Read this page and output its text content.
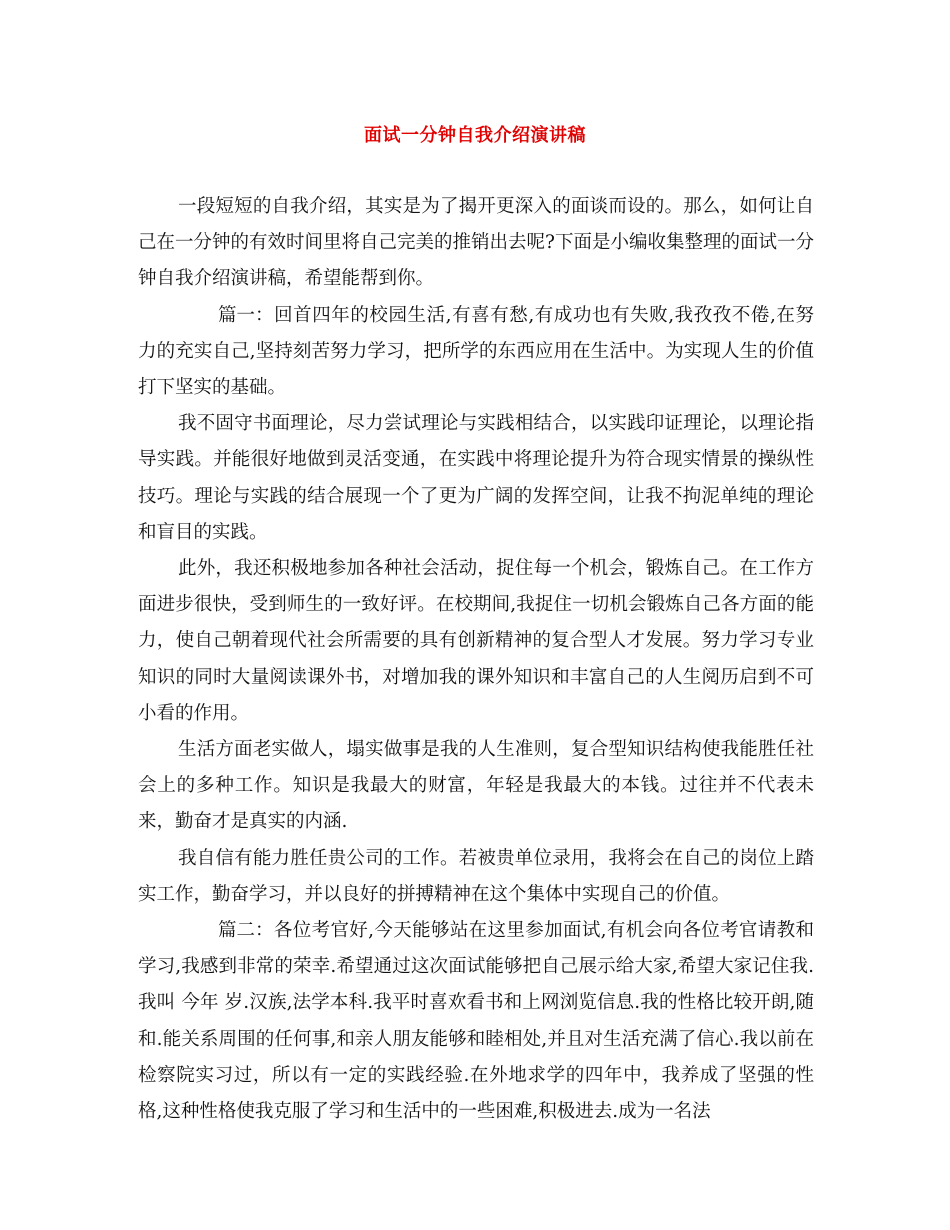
面试一分钟自我介绍演讲稿

一段短短的自我介绍，其实是为了揭开更深入的面谈而设的。那么，如何让自己在一分钟的有效时间里将自己完美的推销出去呢?下面是小编收集整理的面试一分钟自我介绍演讲稿，希望能帮到你。

篇一：回首四年的校园生活,有喜有愁,有成功也有失败,我孜孜不倦,在努力的充实自己,坚持刻苦努力学习，把所学的东西应用在生活中。为实现人生的价值打下坚实的基础。

我不固守书面理论，尽力尝试理论与实践相结合，以实践印证理论，以理论指导实践。并能很好地做到灵活变通，在实践中将理论提升为符合现实情景的操纵性技巧。理论与实践的结合展现一个了更为广阔的发挥空间，让我不拘泥单纯的理论和盲目的实践。

此外，我还积极地参加各种社会活动，捉住每一个机会，锻炼自己。在工作方面进步很快，受到师生的一致好评。在校期间,我捉住一切机会锻炼自己各方面的能力，使自己朝着现代社会所需要的具有创新精神的复合型人才发展。努力学习专业知识的同时大量阅读课外书，对增加我的课外知识和丰富自己的人生阅历启到不可小看的作用。

生活方面老实做人，塌实做事是我的人生准则，复合型知识结构使我能胜任社会上的多种工作。知识是我最大的财富，年轻是我最大的本钱。过往并不代表未来，勤奋才是真实的内涵.

我自信有能力胜任贵公司的工作。若被贵单位录用，我将会在自己的岗位上踏实工作，勤奋学习，并以良好的拼搏精神在这个集体中实现自己的价值。

篇二：各位考官好,今天能够站在这里参加面试,有机会向各位考官请教和学习,我感到非常的荣幸.希望通过这次面试能够把自己展示给大家,希望大家记住我.我叫 今年 岁.汉族,法学本科.我平时喜欢看书和上网浏览信息.我的性格比较开朗,随和.能关系周围的任何事,和亲人朋友能够和睦相处,并且对生活充满了信心.我以前在检察院实习过，所以有一定的实践经验.在外地求学的四年中，我养成了坚强的性格,这种性格使我克服了学习和生活中的一些困难,积极进去.成为一名法
